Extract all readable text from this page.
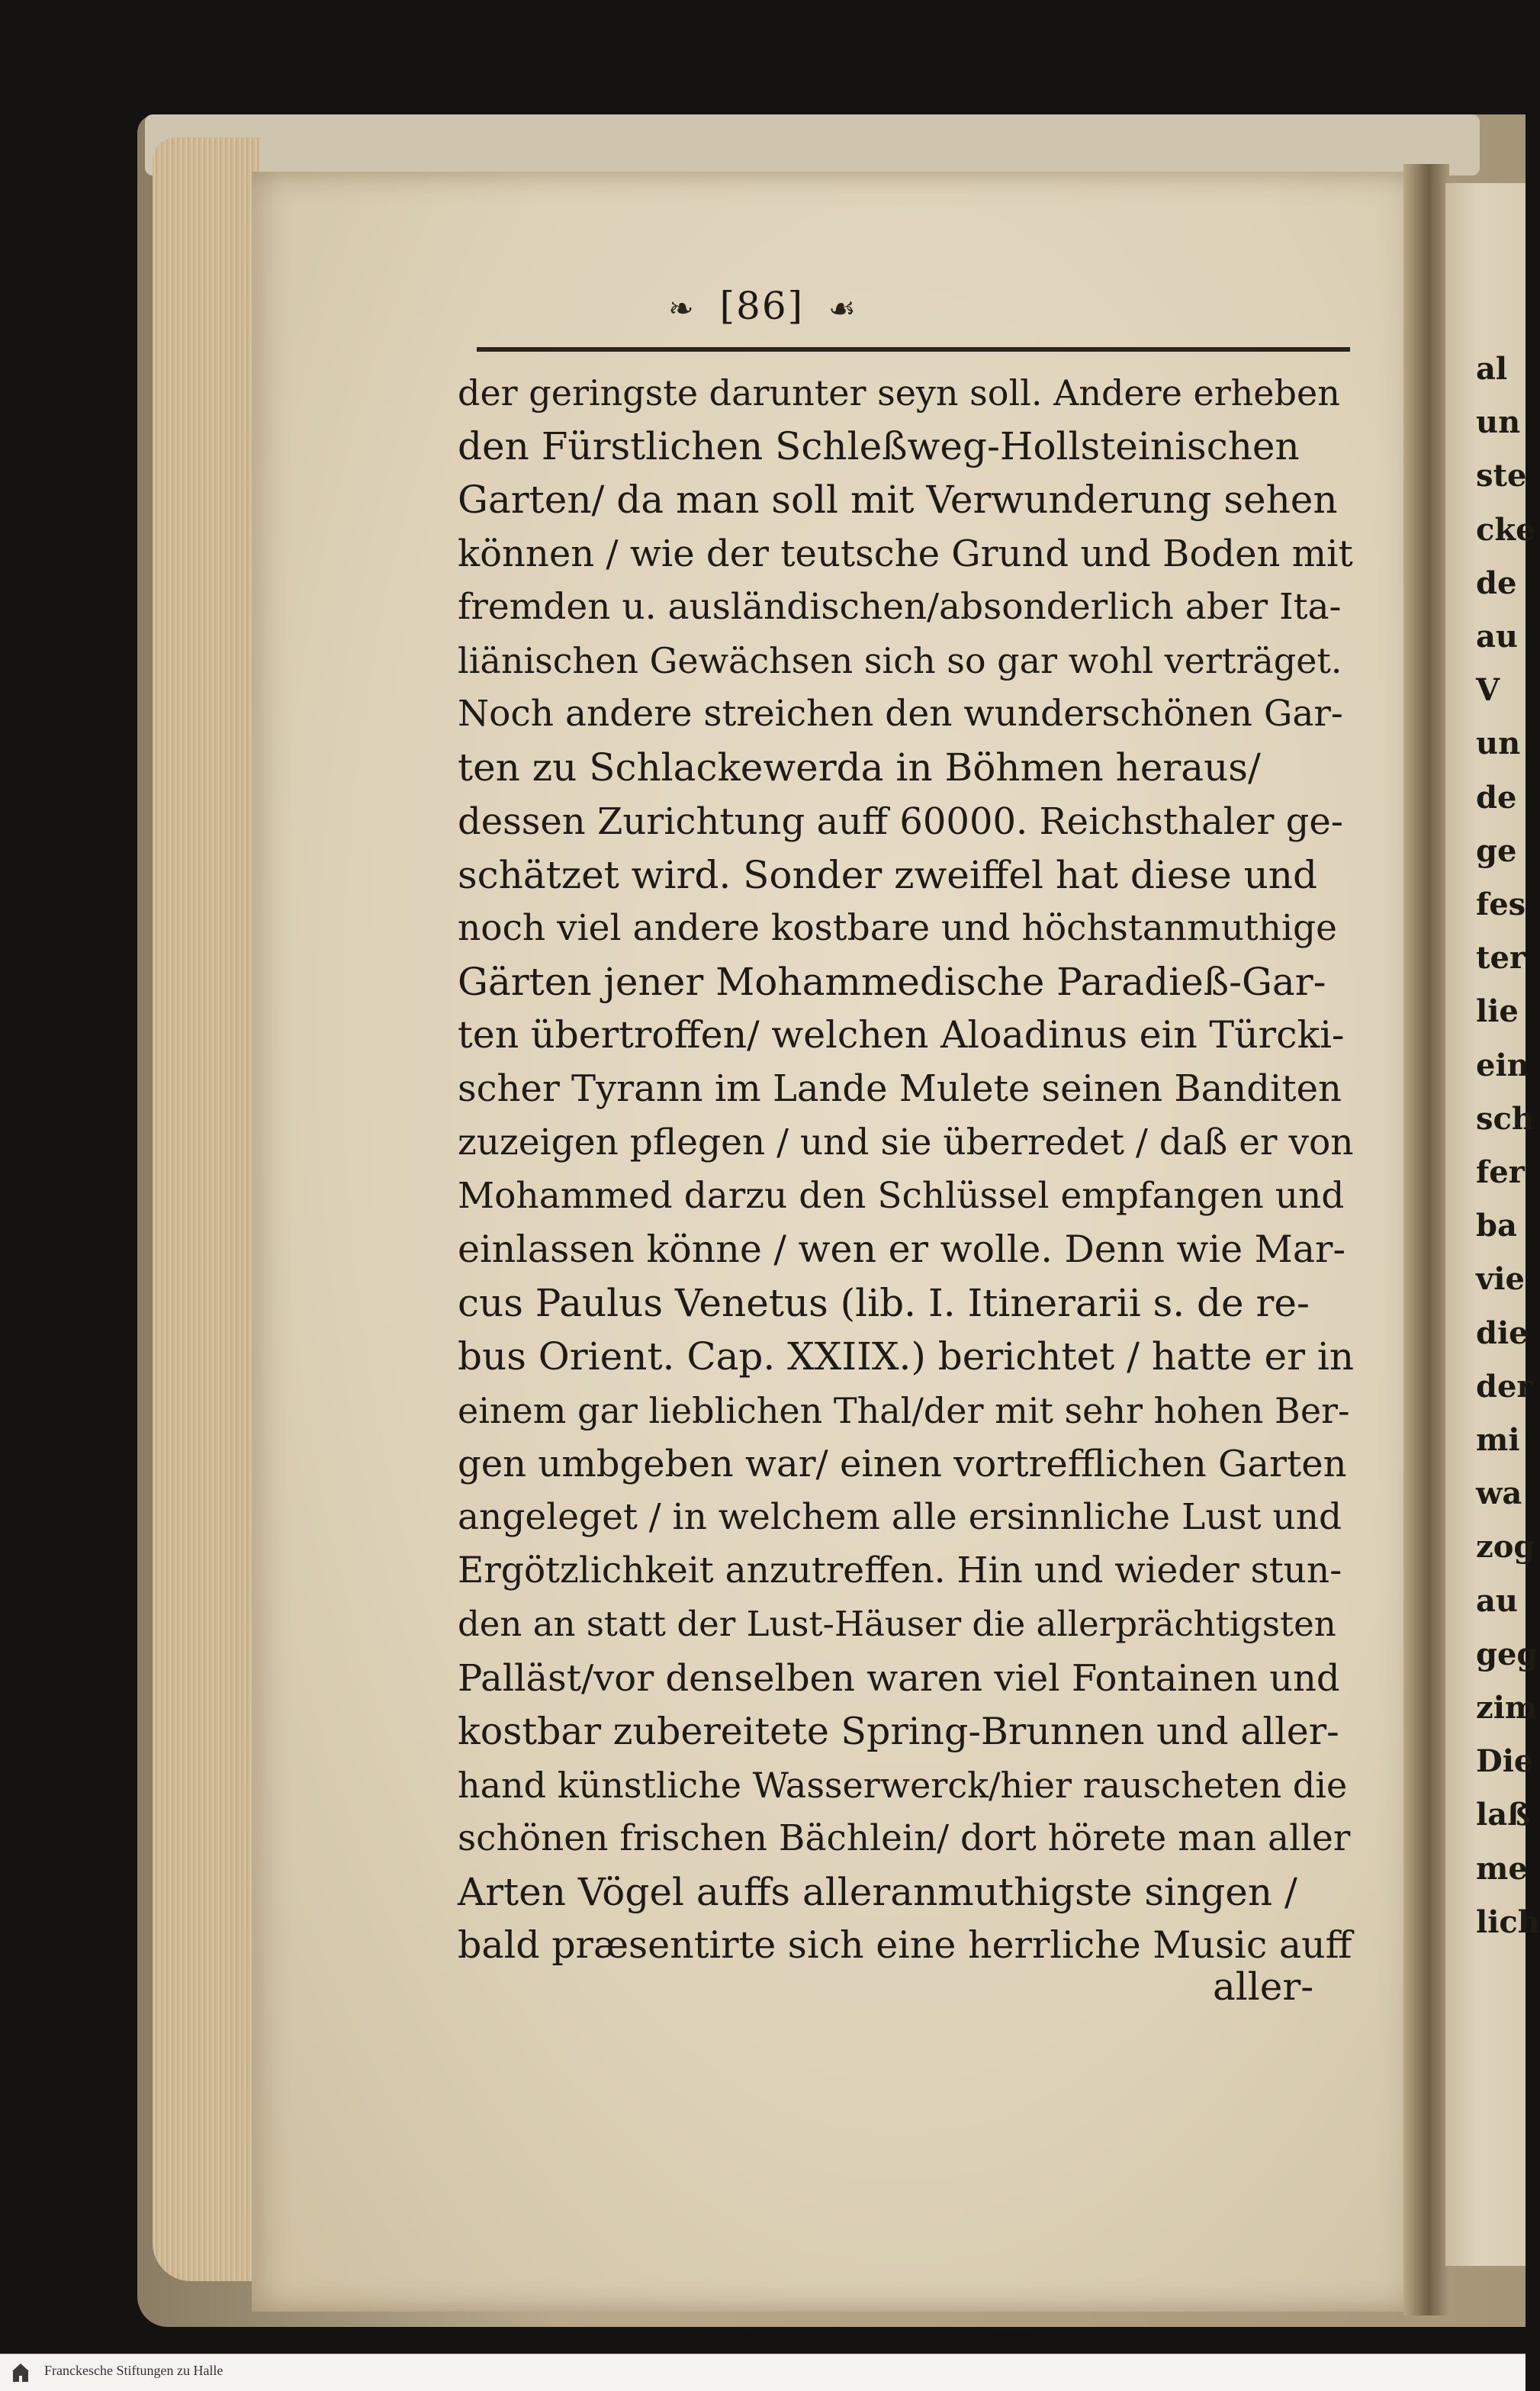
al
un
ste
cke
de
au
V
un
de
ge
fes
ter
lie
ein
sch
fer
ba
vie
die
der
mi
wa
zog
au
geg
zim
Die
laß
me
lich
❧ [86] ☙
der geringste darunter seyn soll. Andere erheben
den Fürstlichen Schleßweg-Hollsteinischen
Garten/ da man soll mit Verwunderung sehen
können / wie der teutsche Grund und Boden mit
fremden u. ausländischen/absonderlich aber Ita-
liänischen Gewächsen sich so gar wohl verträget.
Noch andere streichen den wunderschönen Gar-
ten zu Schlackewerda in Böhmen heraus/
dessen Zurichtung auff 60000. Reichsthaler ge-
schätzet wird. Sonder zweiffel hat diese und
noch viel andere kostbare und höchstanmuthige
Gärten jener Mohammedische Paradieß-Gar-
ten übertroffen/ welchen Aloadinus ein Türcki-
scher Tyrann im Lande Mulete seinen Banditen
zuzeigen pflegen / und sie überredet / daß er von
Mohammed darzu den Schlüssel empfangen und
einlassen könne / wen er wolle. Denn wie Mar-
cus Paulus Venetus (lib. I. Itinerarii s. de re-
bus Orient. Cap. XXIIX.) berichtet / hatte er in
einem gar lieblichen Thal/der mit sehr hohen Ber-
gen umbgeben war/ einen vortrefflichen Garten
angeleget / in welchem alle ersinnliche Lust und
Ergötzlichkeit anzutreffen. Hin und wieder stun-
den an statt der Lust-Häuser die allerprächtigsten
Palläst/vor denselben waren viel Fontainen und
kostbar zubereitete Spring-Brunnen und aller-
hand künstliche Wasserwerck/hier rauscheten die
schönen frischen Bächlein/ dort hörete man aller
Arten Vögel auffs alleranmuthigste singen /
bald præsentirte sich eine herrliche Music auff
aller-
Franckesche Stiftungen zu Halle
